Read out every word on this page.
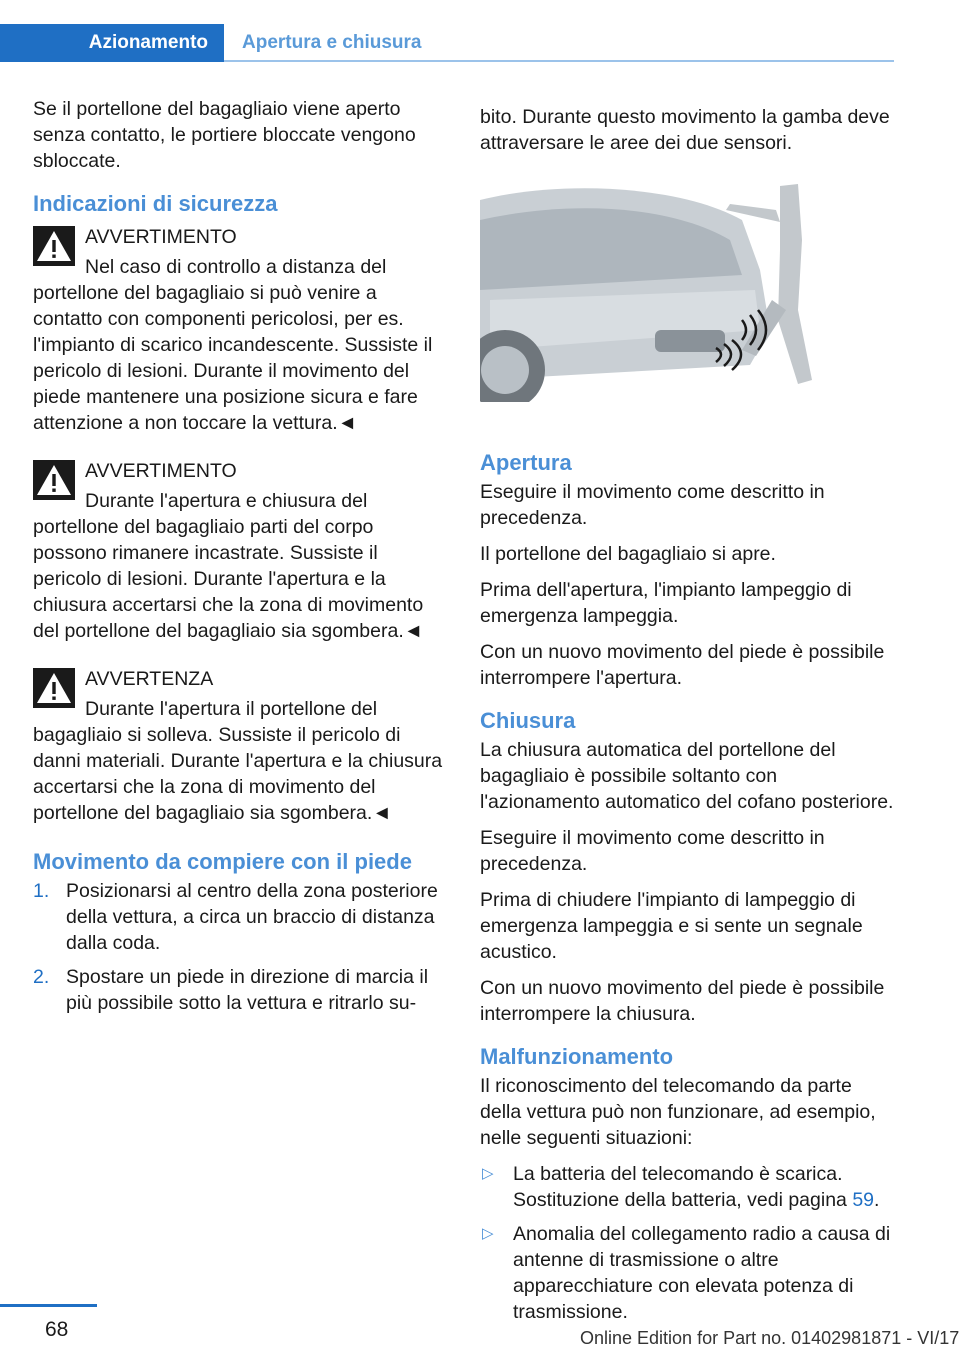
Azionamento	Apertura e chiusura

Se il portellone del bagagliaio viene aperto senza contatto, le portiere bloccate vengono sbloccate.

Indicazioni di sicurezza
AVVERTIMENTO
Nel caso di controllo a distanza del portellone del bagagliaio si può venire a contatto con componenti pericolosi, per es. l'impianto di scarico incandescente. Sussiste il pericolo di lesioni. Durante il movimento del piede mantenere una posizione sicura e fare attenzione a non toccare la vettura.◄
AVVERTIMENTO
Durante l'apertura e chiusura del portellone del bagagliaio parti del corpo possono rimanere incastrate. Sussiste il pericolo di lesioni. Durante l'apertura e la chiusura accertarsi che la zona di movimento del portellone del bagagliaio sia sgombera.◄
AVVERTENZA
Durante l'apertura il portellone del bagagliaio si solleva. Sussiste il pericolo di danni materiali. Durante l'apertura e la chiusura accertarsi che la zona di movimento del portellone del bagagliaio sia sgombera.◄
Movimento da compiere con il piede
1. Posizionarsi al centro della zona posteriore della vettura, a circa un braccio di distanza dalla coda.
2. Spostare un piede in direzione di marcia il più possibile sotto la vettura e ritrarlo su-

bito. Durante questo movimento la gamba deve attraversare le aree dei due sensori.

Apertura

Eseguire il movimento come descritto in precedenza.

Il portellone del bagagliaio si apre.

Prima dell'apertura, l'impianto lampeggio di emergenza lampeggia.

Con un nuovo movimento del piede è possibile interrompere l'apertura.

Chiusura

La chiusura automatica del portellone del bagagliaio è possibile soltanto con l'azionamento automatico del cofano posteriore.

Eseguire il movimento come descritto in precedenza.

Prima di chiudere l'impianto di lampeggio di emergenza lampeggia e si sente un segnale acustico.

Con un nuovo movimento del piede è possibile interrompere la chiusura.

Malfunzionamento

Il riconoscimento del telecomando da parte della vettura può non funzionare, ad esempio, nelle seguenti situazioni:

▷ La batteria del telecomando è scarica. Sostituzione della batteria, vedi pagina 59.
▷ Anomalia del collegamento radio a causa di antenne di trasmissione o altre apparecchiature con elevata potenza di trasmissione.
68	Online Edition for Part no. 01402981871 - VI/17
